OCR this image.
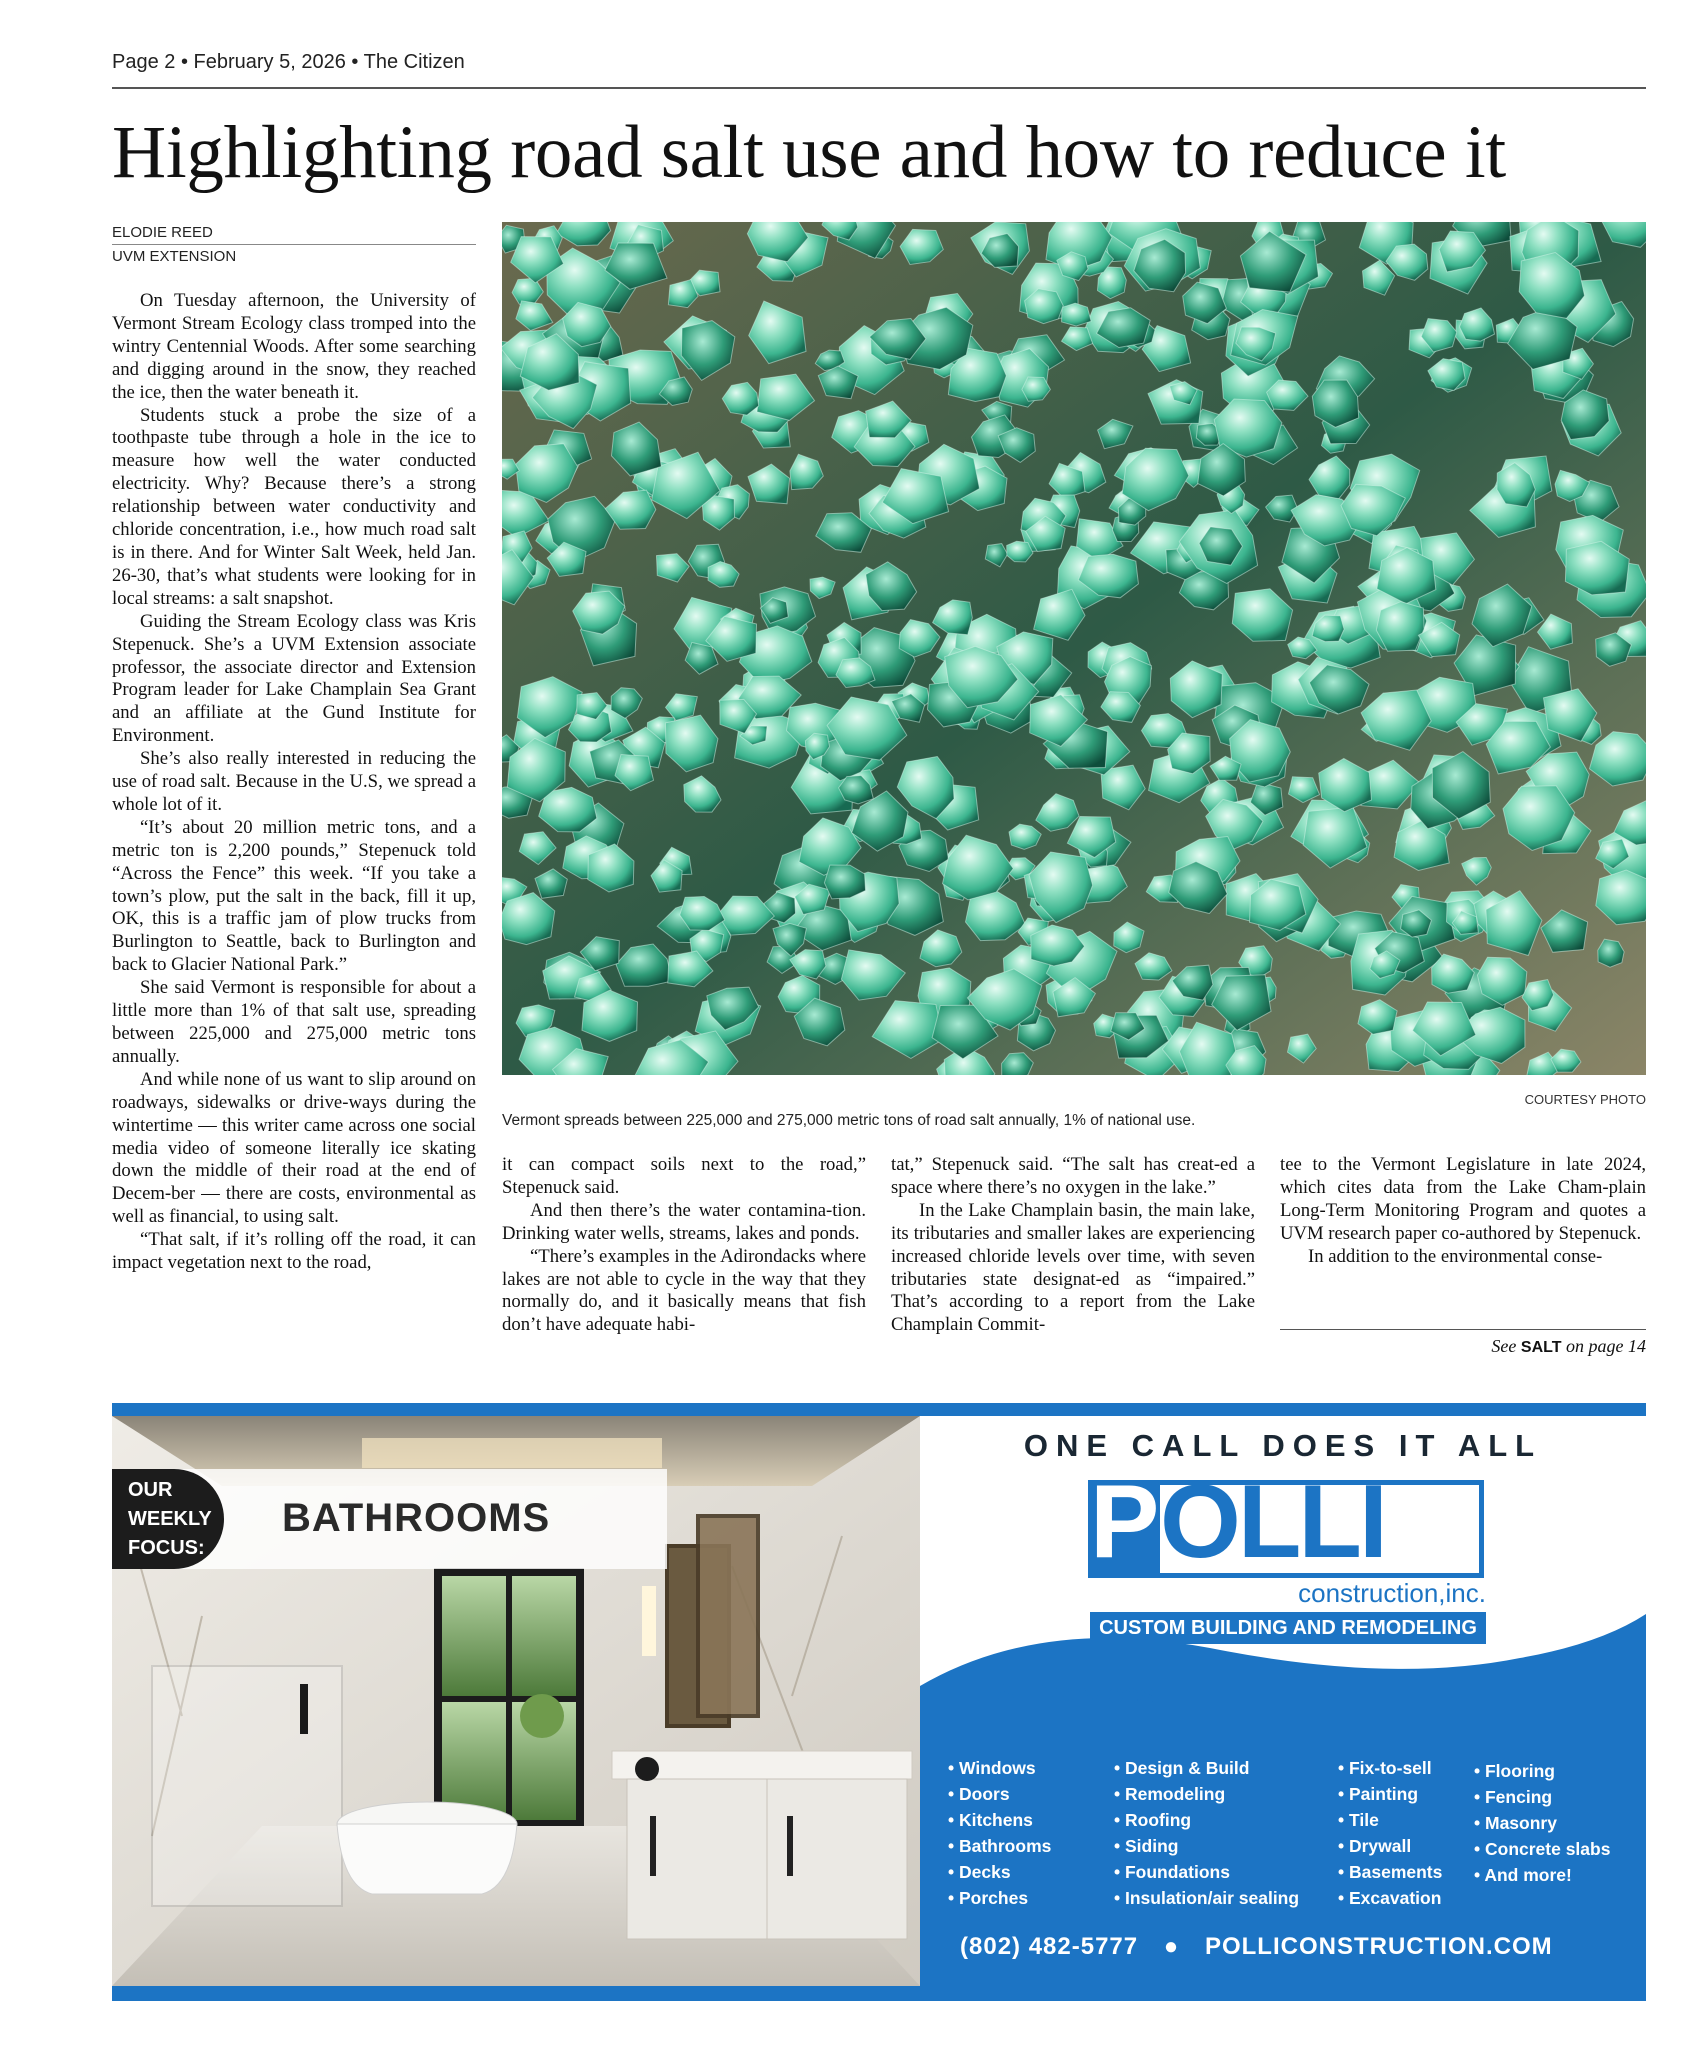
Page 2 • February 5, 2026 • The Citizen
Highlighting road salt use and how to reduce it
ELODIE REED
UVM EXTENSION

On Tuesday afternoon, the University of Vermont Stream Ecology class tromped into the wintry Centennial Woods. After some searching and digging around in the snow, they reached the ice, then the water beneath it.

Students stuck a probe the size of a toothpaste tube through a hole in the ice to measure how well the water conducted electricity. Why? Because there’s a strong relationship between water conductivity and chloride concentration, i.e., how much road salt is in there. And for Winter Salt Week, held Jan. 26-30, that’s what students were looking for in local streams: a salt snapshot.

Guiding the Stream Ecology class was Kris Stepenuck. She’s a UVM Extension associate professor, the associate director and Extension Program leader for Lake Champlain Sea Grant and an affiliate at the Gund Institute for Environment.

She’s also really interested in reducing the use of road salt. Because in the U.S, we spread a whole lot of it.

“It’s about 20 million metric tons, and a metric ton is 2,200 pounds,” Stepenuck told “Across the Fence” this week. “If you take a town’s plow, put the salt in the back, fill it up, OK, this is a traffic jam of plow trucks from Burlington to Seattle, back to Burlington and back to Glacier National Park.”

She said Vermont is responsible for about a little more than 1% of that salt use, spreading between 225,000 and 275,000 metric tons annually.

And while none of us want to slip around on roadways, sidewalks or drive-ways during the wintertime — this writer came across one social media video of someone literally ice skating down the middle of their road at the end of Decem-ber — there are costs, environmental as well as financial, to using salt.

“That salt, if it’s rolling off the road, it can impact vegetation next to the road,

it can compact soils next to the road,” Stepenuck said.

And then there’s the water contamina-tion. Drinking water wells, streams, lakes and ponds.

“There’s examples in the Adirondacks where lakes are not able to cycle in the way that they normally do, and it basically means that fish don’t have adequate habi-

tat,” Stepenuck said. “The salt has creat-ed a space where there’s no oxygen in the lake.”

In the Lake Champlain basin, the main lake, its tributaries and smaller lakes are experiencing increased chloride levels over time, with seven tributaries state designat-ed as “impaired.” That’s according to a report from the Lake Champlain Commit-

tee to the Vermont Legislature in late 2024, which cites data from the Lake Cham-plain Long-Term Monitoring Program and quotes a UVM research paper co-authored by Stepenuck.

In addition to the environmental conse-

See SALT on page 14
COURTESY PHOTO
Vermont spreads between 225,000 and 275,000 metric tons of road salt annually, 1% of national use.
OUR
WEEKLY
FOCUS:
BATHROOMS
ONE CALL DOES IT ALL
POLLI
construction,inc.
CUSTOM BUILDING AND REMODELING
All Services
• Windows
• Doors
• Kitchens
• Bathrooms
• Decks
• Porches
• Design & Build
• Remodeling
• Roofing
• Siding
• Foundations
• Insulation/air sealing
• Fix-to-sell
• Painting
• Tile
• Drywall
• Basements
• Excavation
• Flooring
• Fencing
• Masonry
• Concrete slabs
• And more!
(802) 482-5777 ● POLLICONSTRUCTION.COM
